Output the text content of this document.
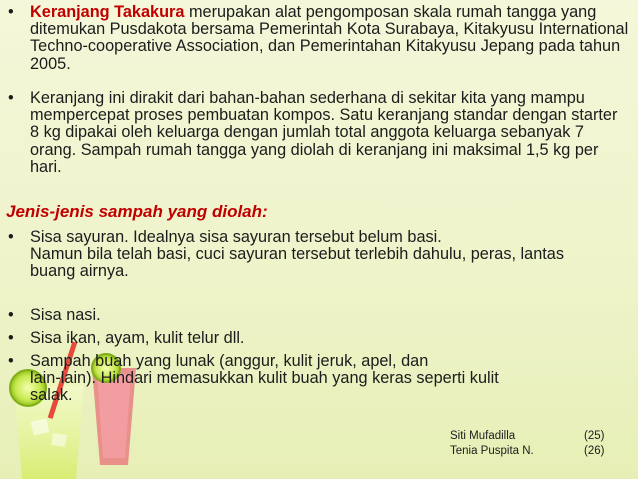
• Keranjang Takakura merupakan alat pengomposan skala rumah tangga yang ditemukan Pusdakota bersama Pemerintah Kota Surabaya, Kitakyusu International Techno-cooperative Association, dan Pemerintahan Kitakyusu Jepang pada tahun 2005.
• Keranjang ini dirakit dari bahan-bahan sederhana di sekitar kita yang mampu mempercepat proses pembuatan kompos. Satu keranjang standar dengan starter 8 kg dipakai oleh keluarga dengan jumlah total anggota keluarga sebanyak 7 orang. Sampah rumah tangga yang diolah di keranjang ini maksimal 1,5 kg per hari.
Jenis-jenis sampah yang diolah:
• Sisa sayuran. Idealnya sisa sayuran tersebut belum basi.
Namun bila telah basi, cuci sayuran tersebut terlebih dahulu, peras, lantas
buang airnya.
• Sisa nasi.
• Sisa ikan, ayam, kulit telur dll.
• Sampah buah yang lunak (anggur, kulit jeruk, apel, dan
lain-lain). Hindari memasukkan kulit buah yang keras seperti kulit
salak.
Siti Mufadilla	(25)
Tenia Puspita N.	(26)
